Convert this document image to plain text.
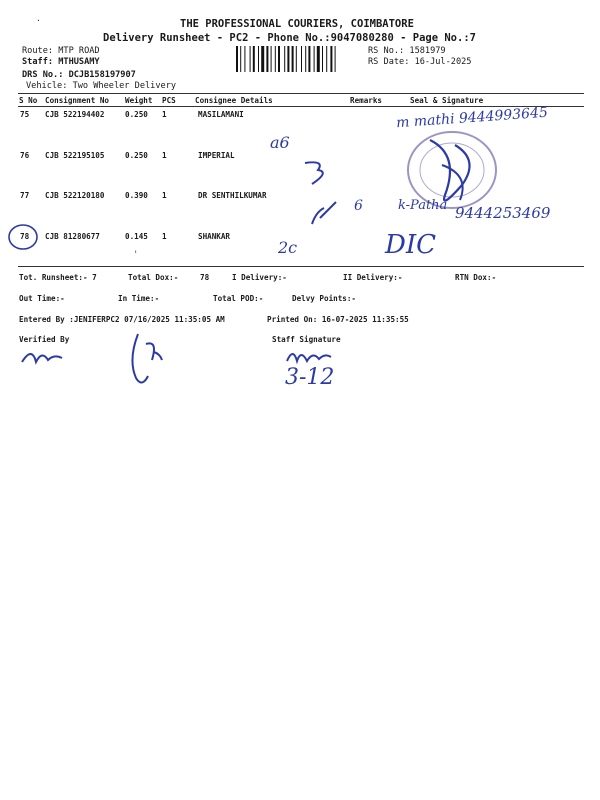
THE PROFESSIONAL COURIERS, COIMBATORE
Delivery Runsheet - PC2 - Phone No.:9047080280 - Page No.:7
Route: MTP ROAD
Staff: MTHUSAMY
DRS No.: DCJB158197907
Vehicle: Two Wheeler Delivery
RS No.: 1581979
RS Date: 16-Jul-2025
S No Consignment No Weight PCS	Consignee Details	Remarks	Seal & Signature
75 CJB 522194402	0.250 1	MASILAMANI
76 CJB 522195105	0.250 1	IMPERIAL
77 CJB 522120180	0.390 1	DR SENTHILKUMAR
78 CJB 81280677	0.145 1	SHANKAR
Tot. Runsheet:- 7	Total Dox:-	78	I Delivery:-	II Delivery:-	RTN Dox:-
Out Time:-	In Time:-	Total POD:-	Delvy Points:-
Entered By :JENIFERPC2 07/16/2025 11:35:05 AM	Printed On: 16-07-2025 11:35:55
Verified By	Staff Signature
·
m mathi 9444993645
a6
6	k-Patha 9444253469
'	2c	DIC
3-12
